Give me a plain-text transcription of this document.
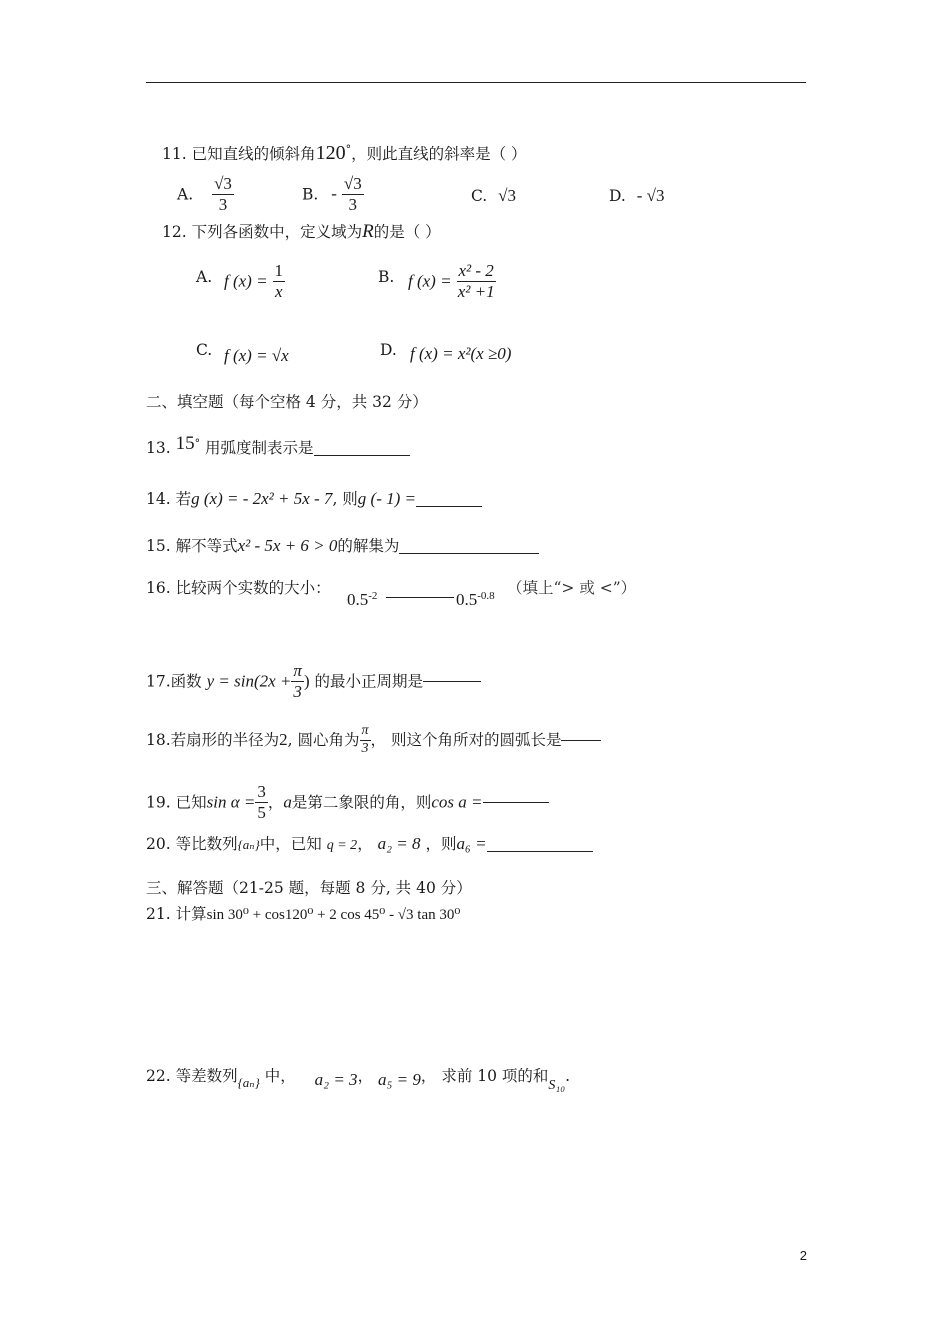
11. 已知直线的倾斜角120°，则此直线的斜率是（ ）
A. $\frac{√3}{3}$	B. - $\frac{√3}{3}$	C. √3	D. - √3
12. 下列各函数中，定义域为R的是（ ）
A. f $(x) = \frac{1}{x}$	B. f $(x) = \frac{\text{x² - 2}}{\text{x² +1}}$
C. f (x) = √x	D. f (x) = x²(x ≥0)
二、填空题（每个空格 4 分，共 32 分）
13. 15° 用弧度制表示是
14. 若g (x) = - 2x² + 5x - 7, 则g (- 1) =
15. 解不等式x² - 5x + 6 > 0的解集为
16. 比较两个实数的大小：
$0.5^{-2}$	$0.5^{-0.8}$ （填上“> 或 <”）
17.函数 $y = \sin(2x + \frac{\pi}{3}$ ) 的最小正周期是
18.若扇形的半径为2, 圆心角为 $\frac{\pi}{3}$ ， 则这个角所对的圆弧长是
19. 已知$\sin \alpha = \frac{3}{5}$ ，a是第二象限的角，则cos a =
20. 等比数列{aₙ}中，已知 q = 2， a₂ = 8 ，则a₆ =
三、解答题（21-25 题，每题 8 分, 共 40 分）
21. 计算sin 30⁰ + cos120⁰ + 2 cos 45⁰ - √3 tan 30⁰
22. 等差数列$_{\{a_n\}}$ 中， a₂ = 3， a₅ = 9， 求前 10 项的和S₁₀.
2
